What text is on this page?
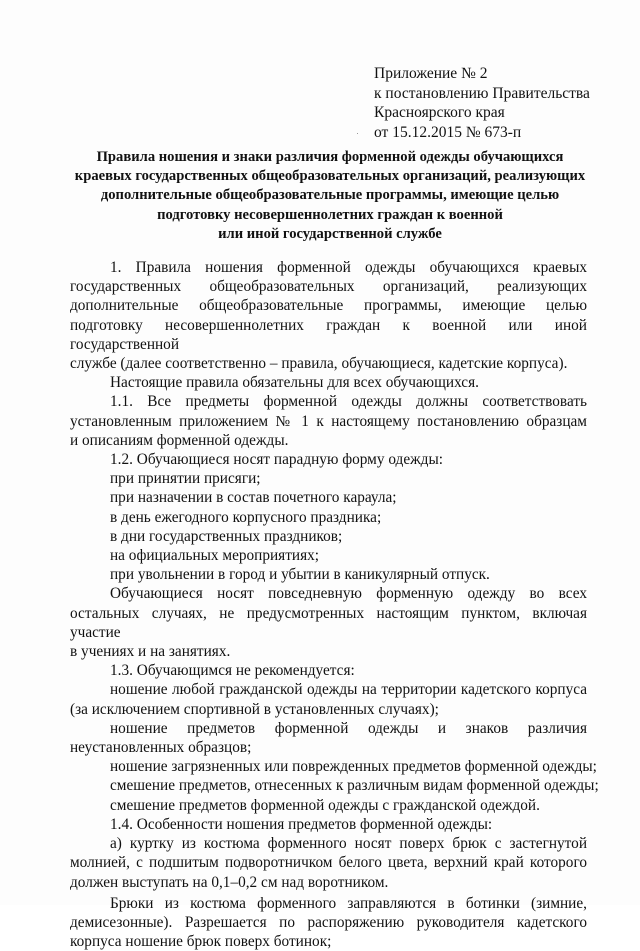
Приложение № 2
к постановлению Правительства
Красноярского края
от 15.12.2015 № 673-п
Правила ношения и знаки различия форменной одежды обучающихся
краевых государственных общеобразовательных организаций, реализующих
дополнительные общеобразовательные программы, имеющие целью
подготовку несовершеннолетних граждан к военной
или иной государственной службе
1. Правила ношения форменной одежды обучающихся краевых
государственных общеобразовательных организаций, реализующих
дополнительные общеобразовательные программы, имеющие целью
подготовку несовершеннолетних граждан к военной или иной государственной
службе (далее соответственно – правила, обучающиеся, кадетские корпуса).
Настоящие правила обязательны для всех обучающихся.
1.1. Все предметы форменной одежды должны соответствовать
установленным приложением № 1 к настоящему постановлению образцам
и описаниям форменной одежды.
1.2. Обучающиеся носят парадную форму одежды:
при принятии присяги;
при назначении в состав почетного караула;
в день ежегодного корпусного праздника;
в дни государственных праздников;
на официальных мероприятиях;
при увольнении в город и убытии в каникулярный отпуск.
Обучающиеся носят повседневную форменную одежду во всех
остальных случаях, не предусмотренных настоящим пунктом, включая участие
в учениях и на занятиях.
1.3. Обучающимся не рекомендуется:
ношение любой гражданской одежды на территории кадетского корпуса
(за исключением спортивной в установленных случаях);
ношение предметов форменной одежды и знаков различия
неустановленных образцов;
ношение загрязненных или поврежденных предметов форменной одежды;
смешение предметов, отнесенных к различным видам форменной одежды;
смешение предметов форменной одежды с гражданской одеждой.
1.4. Особенности ношения предметов форменной одежды:
а) куртку из костюма форменного носят поверх брюк с застегнутой
молнией, с подшитым подворотничком белого цвета, верхний край которого
должен выступать на 0,1–0,2 см над воротником.
Брюки из костюма форменного заправляются в ботинки (зимние,
демисезонные). Разрешается по распоряжению руководителя кадетского
корпуса ношение брюк поверх ботинок;
